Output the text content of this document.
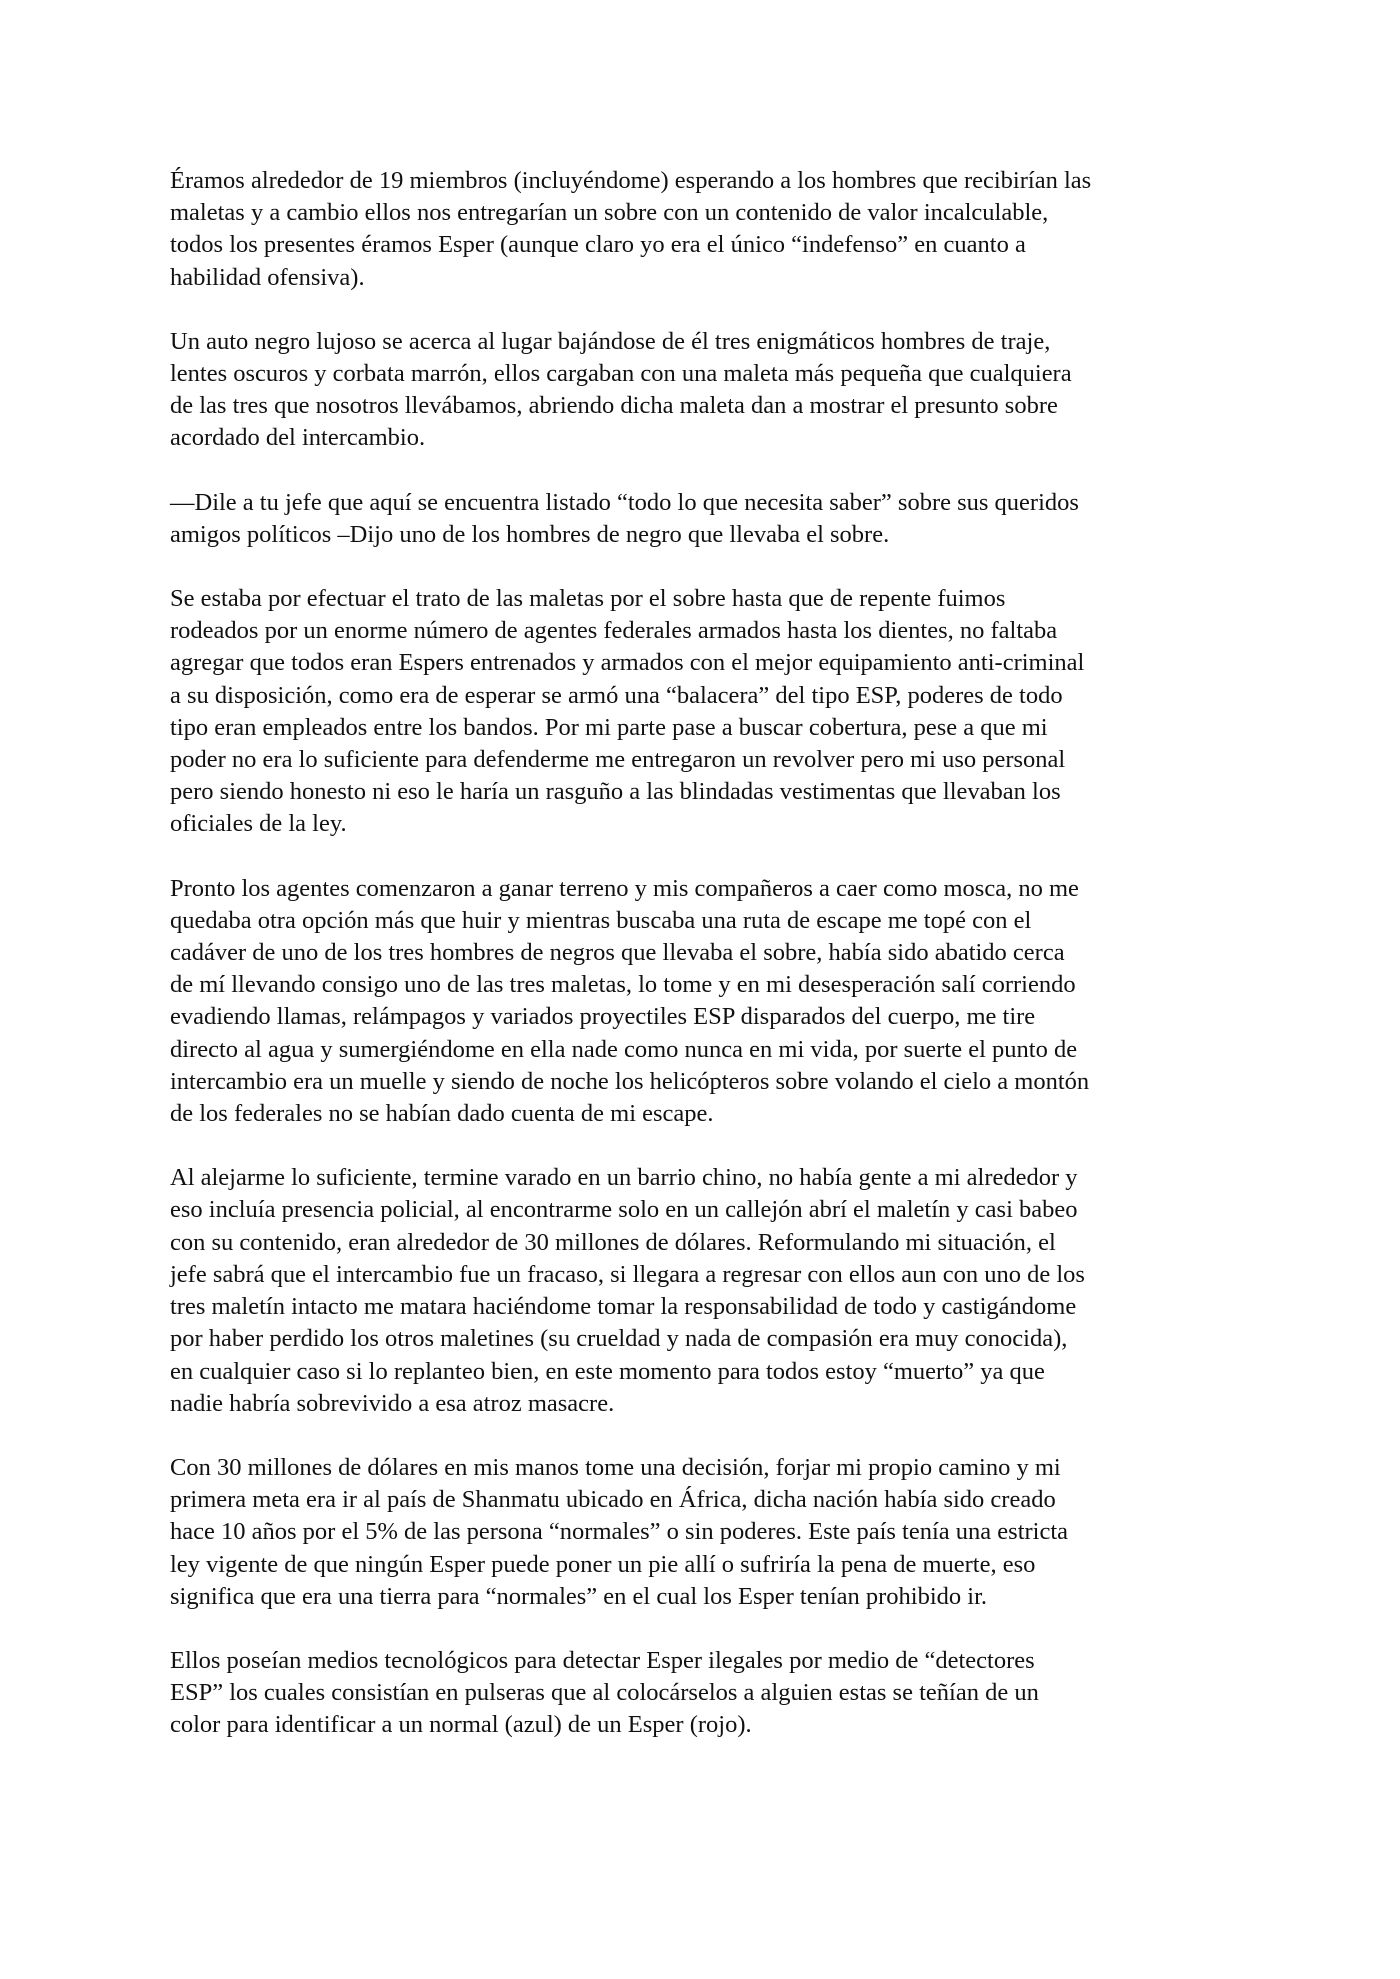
Éramos alrededor de 19 miembros (incluyéndome) esperando a los hombres que recibirían las
maletas y a cambio ellos nos entregarían un sobre con un contenido de valor incalculable,
todos los presentes éramos Esper (aunque claro yo era el único “indefenso” en cuanto a
habilidad ofensiva).

Un auto negro lujoso se acerca al lugar bajándose de él tres enigmáticos hombres de traje,
lentes oscuros y corbata marrón, ellos cargaban con una maleta más pequeña que cualquiera
de las tres que nosotros llevábamos, abriendo dicha maleta dan a mostrar el presunto sobre
acordado del intercambio.

—Dile a tu jefe que aquí se encuentra listado “todo lo que necesita saber” sobre sus queridos
amigos políticos –Dijo uno de los hombres de negro que llevaba el sobre.

Se estaba por efectuar el trato de las maletas por el sobre hasta que de repente fuimos
rodeados por un enorme número de agentes federales armados hasta los dientes, no faltaba
agregar que todos eran Espers entrenados y armados con el mejor equipamiento anti-criminal
a su disposición, como era de esperar se armó una “balacera” del tipo ESP, poderes de todo
tipo eran empleados entre los bandos. Por mi parte pase a buscar cobertura, pese a que mi
poder no era lo suficiente para defenderme me entregaron un revolver pero mi uso personal
pero siendo honesto ni eso le haría un rasguño a las blindadas vestimentas que llevaban los
oficiales de la ley.

Pronto los agentes comenzaron a ganar terreno y mis compañeros a caer como mosca, no me
quedaba otra opción más que huir y mientras buscaba una ruta de escape me topé con el
cadáver de uno de los tres hombres de negros que llevaba el sobre, había sido abatido cerca
de mí llevando consigo uno de las tres maletas, lo tome y en mi desesperación salí corriendo
evadiendo llamas, relámpagos y variados proyectiles ESP disparados del cuerpo, me tire
directo al agua y sumergiéndome en ella nade como nunca en mi vida, por suerte el punto de
intercambio era un muelle y siendo de noche los helicópteros sobre volando el cielo a montón
de los federales no se habían dado cuenta de mi escape.

Al alejarme lo suficiente, termine varado en un barrio chino, no había gente a mi alrededor y
eso incluía presencia policial, al encontrarme solo en un callejón abrí el maletín y casi babeo
con su contenido, eran alrededor de 30 millones de dólares. Reformulando mi situación, el
jefe sabrá que el intercambio fue un fracaso, si llegara a regresar con ellos aun con uno de los
tres maletín intacto me matara haciéndome tomar la responsabilidad de todo y castigándome
por haber perdido los otros maletines (su crueldad y nada de compasión era muy conocida),
en cualquier caso si lo replanteo bien, en este momento para todos estoy “muerto” ya que
nadie habría sobrevivido a esa atroz masacre.

Con 30 millones de dólares en mis manos tome una decisión, forjar mi propio camino y mi
primera meta era ir al país de Shanmatu ubicado en África, dicha nación había sido creado
hace 10 años por el 5% de las persona “normales” o sin poderes. Este país tenía una estricta
ley vigente de que ningún Esper puede poner un pie allí o sufriría la pena de muerte, eso
significa que era una tierra para “normales” en el cual los Esper tenían prohibido ir.

Ellos poseían medios tecnológicos para detectar Esper ilegales por medio de “detectores
ESP” los cuales consistían en pulseras que al colocárselos a alguien estas se teñían de un
color para identificar a un normal (azul) de un Esper (rojo).
